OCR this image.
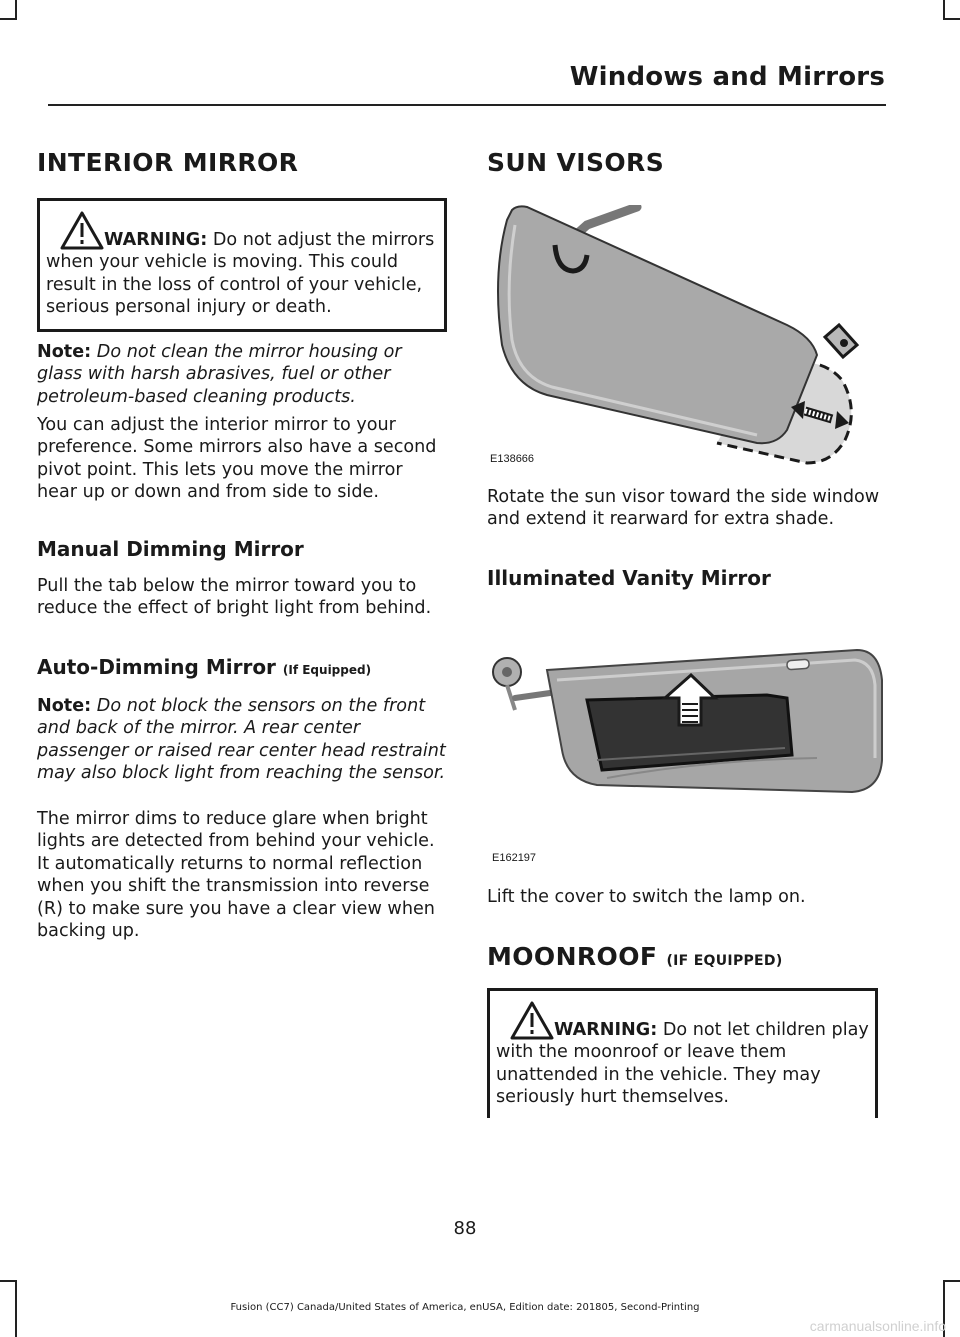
Windows and Mirrors
INTERIOR MIRROR
WARNING: Do not adjust the mirrors when your vehicle is moving. This could result in the loss of control of your vehicle, serious personal injury or death.

Note: Do not clean the mirror housing or glass with harsh abrasives, fuel or other petroleum-based cleaning products.

You can adjust the interior mirror to your preference. Some mirrors also have a second pivot point. This lets you move the mirror hear up or down and from side to side.

Manual Dimming Mirror

Pull the tab below the mirror toward you to reduce the effect of bright light from behind.

Auto-Dimming Mirror (If Equipped)

Note: Do not block the sensors on the front and back of the mirror. A rear center passenger or raised rear center head restraint may also block light from reaching the sensor.

The mirror dims to reduce glare when bright lights are detected from behind your vehicle. It automatically returns to normal reflection when you shift the transmission into reverse (R) to make sure you have a clear view when backing up.

SUN VISORS
E138666

Rotate the sun visor toward the side window and extend it rearward for extra shade.

Illuminated Vanity Mirror
E162197

Lift the cover to switch the lamp on.

MOONROOF (IF EQUIPPED)
WARNING: Do not let children play with the moonroof or leave them unattended in the vehicle. They may seriously hurt themselves.
88
Fusion (CC7) Canada/United States of America, enUSA, Edition date: 201805, Second-Printing
carmanualsonline.info
